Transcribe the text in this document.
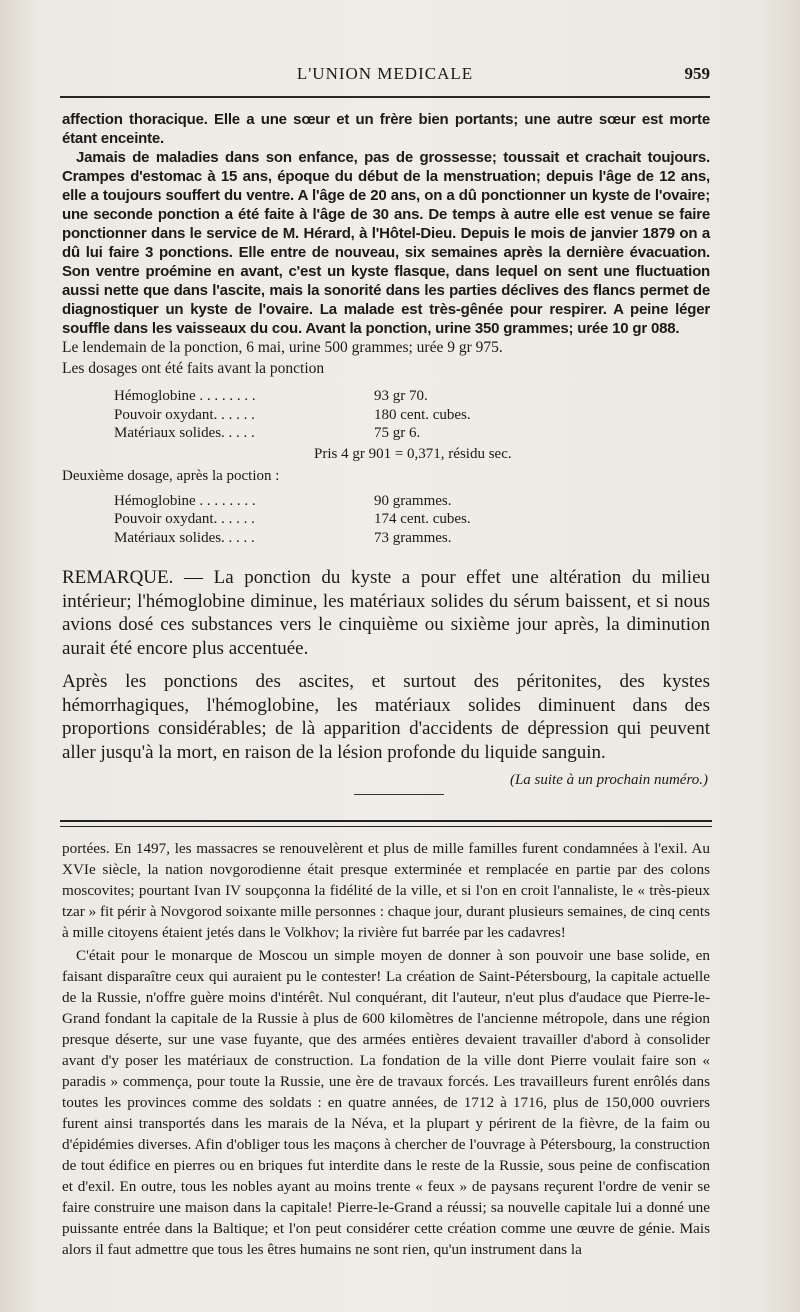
L'UNION MEDICALE	959

affection thoracique. Elle a une sœur et un frère bien portants; une autre sœur est morte étant enceinte.

Jamais de maladies dans son enfance, pas de grossesse; toussait et crachait toujours. Crampes d'estomac à 15 ans, époque du début de la menstruation; depuis l'âge de 12 ans, elle a toujours souffert du ventre. A l'âge de 20 ans, on a dû ponctionner un kyste de l'ovaire; une seconde ponction a été faite à l'âge de 30 ans. De temps à autre elle est venue se faire ponctionner dans le service de M. Hérard, à l'Hôtel-Dieu. Depuis le mois de janvier 1879 on a dû lui faire 3 ponctions. Elle entre de nouveau, six semaines après la dernière évacuation. Son ventre proémine en avant, c'est un kyste flasque, dans lequel on sent une fluctuation aussi nette que dans l'ascite, mais la sonorité dans les parties déclives des flancs permet de diagnostiquer un kyste de l'ovaire. La malade est très-gênée pour respirer. A peine léger souffle dans les vaisseaux du cou. Avant la ponction, urine 350 grammes; urée 10 gr 088.

Le lendemain de la ponction, 6 mai, urine 500 grammes; urée 9 gr 975.
Les dosages ont été faits avant la ponction
Hémoglobine . . . . . . . .	93 gr 70.
Pouvoir oxydant. . . . . .	180 cent. cubes.
Matériaux solides. . . . .	75 gr 6.
Pris 4 gr 901 = 0,371, résidu sec.
Deuxième dosage, après la poction :
Hémoglobine . . . . . . . .	90 grammes.
Pouvoir oxydant. . . . . .	174 cent. cubes.
Matériaux solides. . . . .	73 grammes.

REMARQUE. — La ponction du kyste a pour effet une altération du milieu intérieur; l'hémoglobine diminue, les matériaux solides du sérum baissent, et si nous avions dosé ces substances vers le cinquième ou sixième jour après, la diminution aurait été encore plus accentuée.

Après les ponctions des ascites, et surtout des péritonites, des kystes hémorrhagiques, l'hémoglobine, les matériaux solides diminuent dans des proportions considérables; de là apparition d'accidents de dépression qui peuvent aller jusqu'à la mort, en raison de la lésion profonde du liquide sanguin.

(La suite à un prochain numéro.)

portées. En 1497, les massacres se renouvelèrent et plus de mille familles furent condamnées à l'exil. Au XVIe siècle, la nation novgorodienne était presque exterminée et remplacée en partie par des colons moscovites; pourtant Ivan IV soupçonna la fidélité de la ville, et si l'on en croit l'annaliste, le « très-pieux tzar » fit périr à Novgorod soixante mille personnes : chaque jour, durant plusieurs semaines, de cinq cents à mille citoyens étaient jetés dans le Volkhov; la rivière fut barrée par les cadavres!

C'était pour le monarque de Moscou un simple moyen de donner à son pouvoir une base solide, en faisant disparaître ceux qui auraient pu le contester! La création de Saint-Pétersbourg, la capitale actuelle de la Russie, n'offre guère moins d'intérêt. Nul conquérant, dit l'auteur, n'eut plus d'audace que Pierre-le-Grand fondant la capitale de la Russie à plus de 600 kilomètres de l'ancienne métropole, dans une région presque déserte, sur une vase fuyante, que des armées entières devaient travailler d'abord à consolider avant d'y poser les matériaux de construction. La fondation de la ville dont Pierre voulait faire son « paradis » commença, pour toute la Russie, une ère de travaux forcés. Les travailleurs furent enrôlés dans toutes les provinces comme des soldats : en quatre années, de 1712 à 1716, plus de 150,000 ouvriers furent ainsi transportés dans les marais de la Néva, et la plupart y périrent de la fièvre, de la faim ou d'épidémies diverses. Afin d'obliger tous les maçons à chercher de l'ouvrage à Pétersbourg, la construction de tout édifice en pierres ou en briques fut interdite dans le reste de la Russie, sous peine de confiscation et d'exil. En outre, tous les nobles ayant au moins trente « feux » de paysans reçurent l'ordre de venir se faire construire une maison dans la capitale! Pierre-le-Grand a réussi; sa nouvelle capitale lui a donné une puissante entrée dans la Baltique; et l'on peut considérer cette création comme une œuvre de génie. Mais alors il faut admettre que tous les êtres humains ne sont rien, qu'un instrument dans la
